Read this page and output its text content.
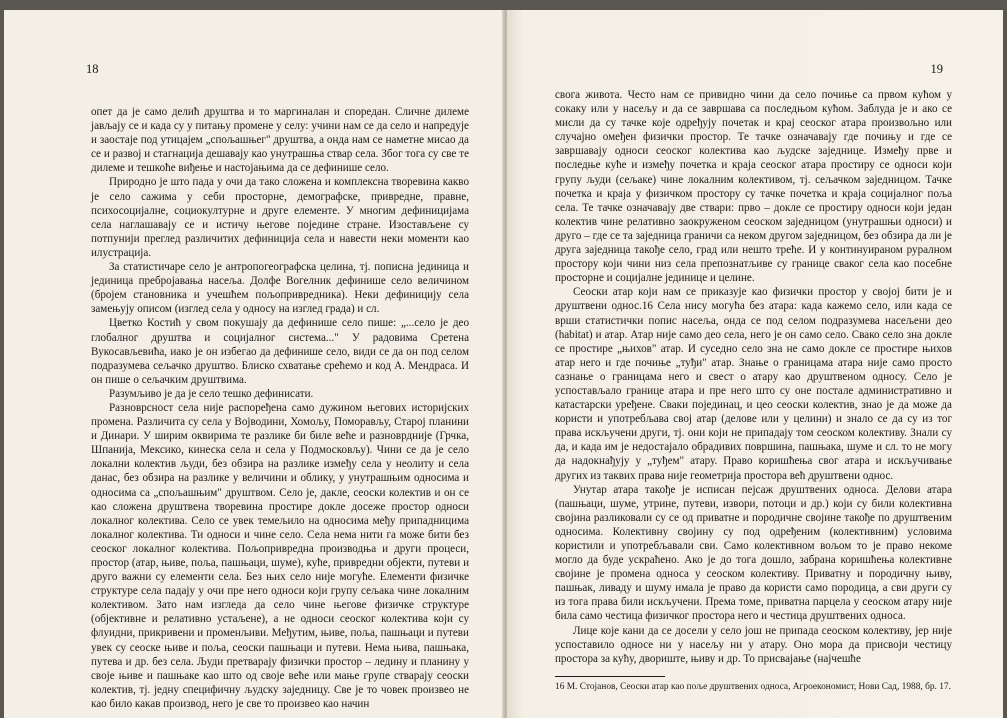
18

опет да је само делић друштва и то маргиналан и споредан. Сличне дилеме јављају се и када су у питању промене у селу: учини нам се да село и напредује и заостаје под утицајем „спољашњег" друштва, а онда нам се наметне мисао да се и развој и стагнација дешавају као унутрашња ствар села. Због тога су све те дилеме и тешкоће виђење и настојањима да се дефинише село.

Природно је што пада у очи да тако сложена и комплексна творевина какво је село сажима у себи просторне, демографске, привредне, правне, психосоцијалне, социокултурне и друге елементе. У многим дефиницијама села наглашавају се и истичу његове поједине стране. Изостављене су потпунији преглед различитих дефиниција села и навести неки моменти као илустрација.

За статистичаре село је антропогеографска целина, тј. пописна јединица и јединица пребројавања насеља. Долфе Вогелник дефинише село величином (бројем становника и учешћем пољопривредника). Неки дефиницију села замењују описом (изглед села у односу на изглед града) и сл.

Цветко Костић у свом покушају да дефинише село пише: „...село је део глобалног друштва и социјалног система..." У радовима Сретена Вукосављевића, иако је он избегао да дефинише село, види се да он под селом подразумева сељачко друштво. Блиско схватање срећемо и код А. Мендраса. И он пише о сељачким друштвима.

Разумљиво је да је село тешко дефинисати.

Разноврсност села није распоређена само дужином његових историјских промена. Различита су села у Војводини, Хомољу, Поморављу, Старој планини и Динари. У ширим оквирима те разлике би биле веће и разноврдније (Грчка, Шпанија, Мексико, кинеска села и села у Подмосковљу). Чини се да је село локални колектив људи, без обзира на разлике између села у неолиту и села данас, без обзира на разлике у величини и облику, у унутрашњим односима и односима са „спољашњим" друштвом. Село је, дакле, сеоски колектив и он се као сложена друштвена творевина простире докле досеже простор односи локалног колектива. Село се увек темељило на односима међу припадницима локалног колектива. Ти односи и чине село. Села нема нити га може бити без сеоског локалног колектива. Пољопривредна производња и други процеси, простор (атар, њиве, поља, пашњаци, шуме), куће, привредни објекти, путеви и друго важни су елементи села. Без њих село није могуће. Елементи физичке структуре села падају у очи пре него односи који групу сељака чине локалним колективом. Зато нам изгледа да село чине његове физичке структуре (објективне и релативно устаљене), а не односи сеоског колектива који су флуидни, прикривени и променљиви. Међутим, њиве, поља, пашњаци и путеви увек су сеоске њиве и поља, сеоски пашњаци и путеви. Нема њива, пашњака, путева и др. без села. Људи претварају физички простор – ледину и планину у своје њиве и пашњаке као што од своје веће или мање групе стварају сеоски колектив, тј. једну специфичну људску заједницу. Све је то човек произвео не као било какав производ, него је све то произвео као начин

19

свога живота. Често нам се привидно чини да село почиње са првом кућом у сокаку или у насељу и да се завршава са последњом кућом. Заблуда је и ако се мисли да су тачке које одређују почетак и крај сеоског атара произвољно или случајно омеђен физички простор. Те тачке означавају где почињу и где се завршавају односи сеоског колектива као људске заједнице. Између прве и последње куће и између почетка и краја сеоског атара простиру се односи који групу људи (сељаке) чине локалним колективом, тј. сељачком заједницом. Тачке почетка и краја у физичком простору су тачке почетка и краја социјалног поља села. Те тачке означавају две ствари: прво – докле се простиру односи који један колектив чине релативно заокруженом сеоском заједницом (унутрашњи односи) и друго – где се та заједница граничи са неком другом заједницом, без обзира да ли је друга заједница такође село, град или нешто треће. И у континуираном руралном простору који чини низ села препознатљиве су границе сваког села као посебне просторне и социјалне јединице и целине.

Сеоски атар који нам се приказује као физички простор у својој бити је и друштвени однос.16 Села нису могућа без атара: када кажемо село, или када се врши статистички попис насеља, онда се под селом подразумева насељени део (habitat) и атар. Атар није само део села, него је он само село. Свако село зна докле се простире „њихов" атар. И суседно село зна не само докле се простире њихов атар него и где почиње „туђи" атар. Знање о границама атара није само просто сазнање о границама него и свест о атару као друштвеном односу. Село је успостављало границе атара и пре него што су оне постале административно и катастарски уређене. Сваки појединац, и цео сеоски колектив, знао је да може да користи и употребљава свој атар (делове или у целини) и знало се да су из тог права искључени други, тј. они који не припадају том сеоском колективу. Знали су да, и када им је недостајало обрадивих површина, пашњака, шуме и сл. то не могу да надокнађују у „туђем" атару. Право коришћења свог атара и искључивање других из таквих права није геометрија простора већ друштвени однос.

Унутар атара такође је исписан пејсаж друштвених односа. Делови атара (пашњаци, шуме, утрине, путеви, извори, потоци и др.) који су били колективна својина разликовали су се од приватне и породичне својине такође по друштвеним односима. Колективну својину су под одређеним (колективним) условима користили и употребљавали сви. Само колективном вољом то је право некоме могло да буде ускраћено. Ако је до тога дошло, забрана коришћења колективне својине је промена односа у сеоском колективу. Приватну и породичну њиву, пашњак, ливаду и шуму имала је право да користи само породица, а сви други су из тога права били искључени. Према томе, приватна парцела у сеоском атару није била само честица физичког простора него и честица друштвених односа.

Лице које кани да се досели у село још не припада сеоском колективу, јер није успоставило односе ни у насељу ни у атару. Оно мора да присвоји честицу простора за кућу, двориште, њиву и др. То присвајање (најчешће

16 М. Стојанов, Сеоски атар као поље друштвених односа, Агроекономист, Нови Сад, 1988, бр. 17.
